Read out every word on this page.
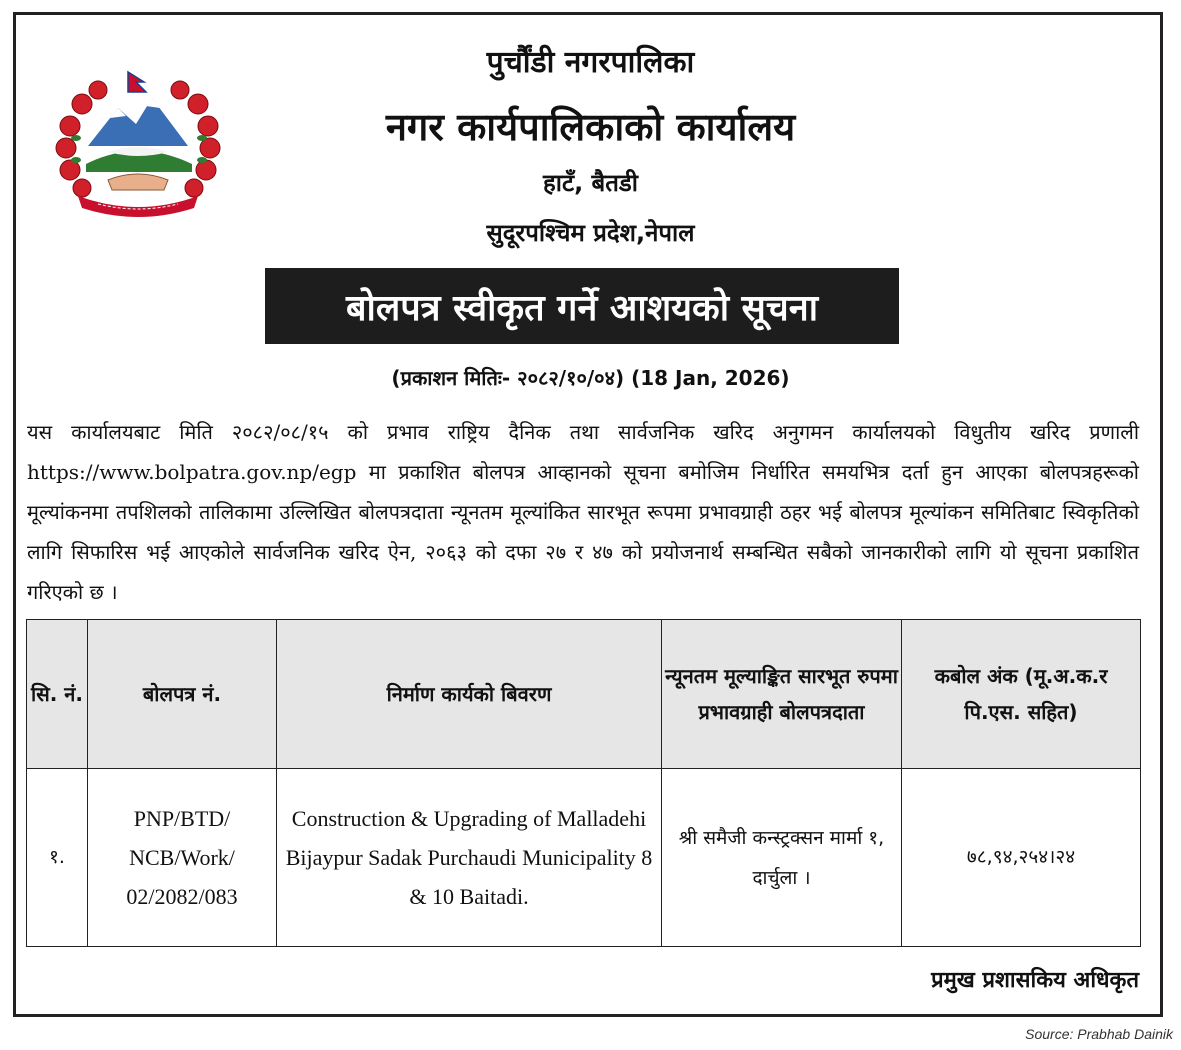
पुर्चौंडी नगरपालिका
नगर कार्यपालिकाको कार्यालय
हाटँ, बैतडी
सुदूरपश्चिम प्रदेश,नेपाल
बोलपत्र स्वीकृत गर्ने आशयको सूचना
(प्रकाशन मितिः- २०८२/१०/०४) (18 Jan, 2026)
यस कार्यालयबाट मिति २०८२/०८/१५ को प्रभाव राष्ट्रिय दैनिक तथा सार्वजनिक खरिद अनुगमन कार्यालयको विधुतीय खरिद प्रणाली https://www.bolpatra.gov.np/egp मा प्रकाशित बोलपत्र आव्हानको सूचना बमोजिम निर्धारित समयभित्र दर्ता हुन आएका बोलपत्रहरूको मूल्यांकनमा तपशिलको तालिकामा उल्लिखित बोलपत्रदाता न्यूनतम मूल्यांकित सारभूत रूपमा प्रभावग्राही ठहर भई बोलपत्र मूल्यांकन समितिबाट स्विकृतिको लागि सिफारिस भई आएकोले सार्वजनिक खरिद ऐन, २०६३ को दफा २७ र ४७ को प्रयोजनार्थ सम्बन्धित सबैको जानकारीको लागि यो सूचना प्रकाशित गरिएको छ ।
सि. नं.	बोलपत्र नं.	निर्माण कार्यको बिवरण	न्यूनतम मूल्याङ्कित सारभूत रुपमा प्रभावग्राही बोलपत्रदाता	कबोल अंक (मू.अ.क.र पि.एस. सहित)
१.	PNP/BTD/ NCB/Work/ 02/2082/083	Construction & Upgrading of Malladehi Bijaypur Sadak Purchaudi Municipality 8 & 10 Baitadi.	श्री समैजी कन्स्ट्रक्सन मार्मा १, दार्चुला ।	७८,९४,२५४।२४
प्रमुख प्रशासकिय अधिकृत
Source: Prabhab Dainik
